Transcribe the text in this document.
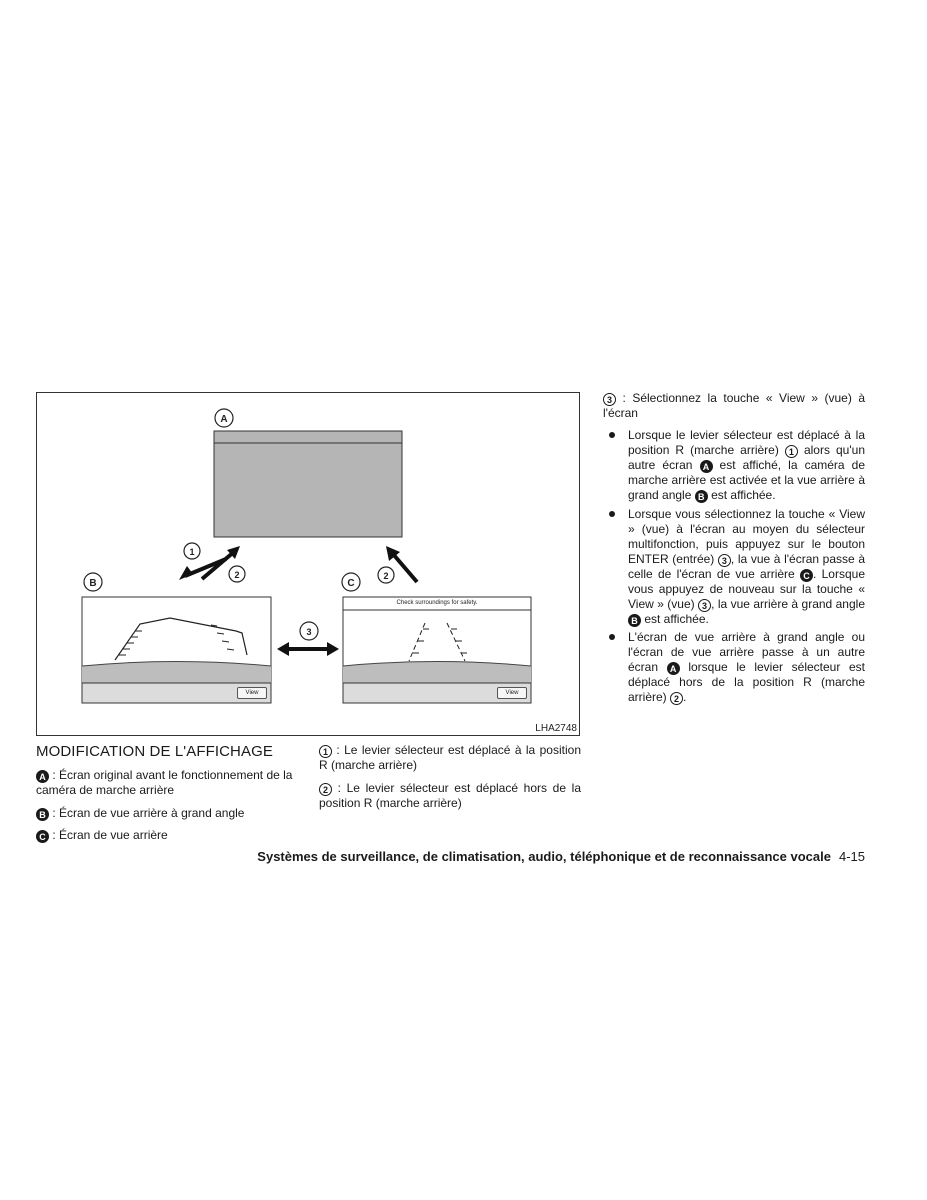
A
B	C
1
2	2
3
Check surroundings for safety.
View	View
LHA2748
MODIFICATION DE L'AFFICHAGE
A : Écran original avant le fonctionnement de la caméra de marche arrière
B : Écran de vue arrière à grand angle
C : Écran de vue arrière
1 : Le levier sélecteur est déplacé à la position R (marche arrière)
2 : Le levier sélecteur est déplacé hors de la position R (marche arrière)
3 : Sélectionnez la touche « View » (vue) à l'écran
Lorsque le levier sélecteur est déplacé à la position R (marche arrière) 1 alors qu'un autre écran A est affiché, la caméra de marche arrière est activée et la vue arrière à grand angle B est affichée.
Lorsque vous sélectionnez la touche « View » (vue) à l'écran au moyen du sélecteur multifonction, puis appuyez sur le bouton ENTER (entrée) 3 , la vue à l'écran passe à celle de l'écran de vue arrière C . Lorsque vous appuyez de nouveau sur la touche « View » (vue) 3 , la vue arrière à grand angle B est affichée.
L'écran de vue arrière à grand angle ou l'écran de vue arrière passe à un autre écran A lorsque le levier sélecteur est déplacé hors de la position R (marche arrière) 2 .
Systèmes de surveillance, de climatisation, audio, téléphonique et de reconnaissance vocale 4-15
